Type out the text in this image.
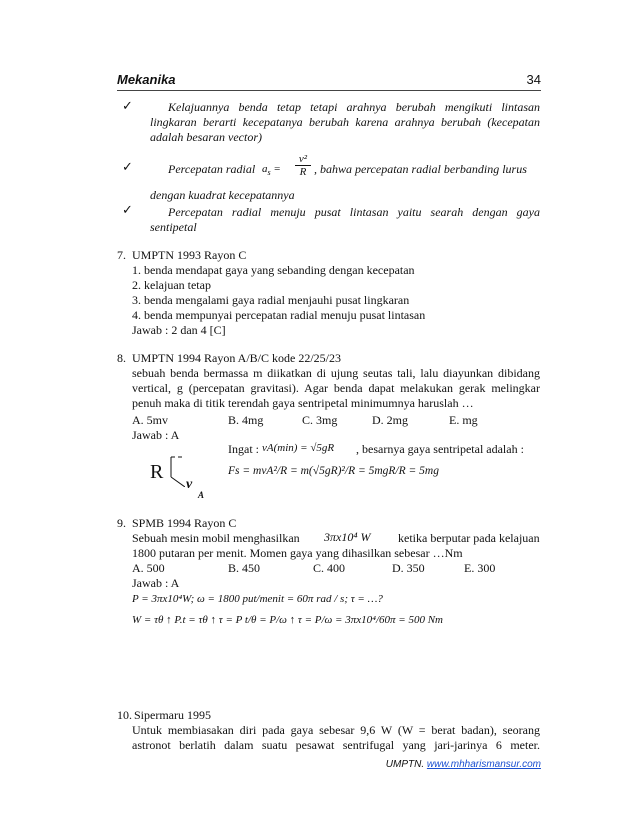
Mekanika	34
✓	Kelajuannya benda tetap tetapi arahnya berubah mengikuti lintasan
lingkaran berarti kecepatanya berubah karena arahnya berubah (kecepatan
adalah besaran vector)
✓	Percepatan radial $a_s = \frac{\text{v²}}{R}$ , bahwa percepatan radial berbanding lurus
dengan kuadrat kecepatannya
✓	Percepatan radial menuju pusat lintasan yaitu searah dengan gaya
sentipetal
7. UMPTN 1993 Rayon C
1. benda mendapat gaya yang sebanding dengan kecepatan
2. kelajuan tetap
3. benda mengalami gaya radial menjauhi pusat lingkaran
4. benda mempunyai percepatan radial menuju pusat lintasan
Jawab : 2 dan 4 [C]
8. UMPTN 1994 Rayon A/B/C kode 22/25/23
sebuah benda bermassa m diikatkan di ujung seutas tali, lalu diayunkan dibidang
vertical, g (percepatan gravitasi). Agar benda dapat melakukan gerak melingkar
penuh maka di titik terendah gaya sentripetal minimumnya haruslah …
A. 5mv	B. 4mg	C. 3mg	D. 2mg	E. mg
Jawab : A
Ingat : vA(min) = √5gR , besarnya gaya sentripetal adalah :
Fs = mvA²/R = m(√5gR)²/R = 5mgR/R = 5mg
R
v
A
9. SPMB 1994 Rayon C
Sebuah mesin mobil menghasilkan 3πx10⁴ W ketika berputar pada kelajuan
1800 putaran per menit. Momen gaya yang dihasilkan sebesar …Nm
A. 500	B. 450	C. 400	D. 350	E. 300
Jawab : A
P = 3πx10⁴W; ω = 1800 put/menit = 60π rad / s; τ = …?
W = τθ ↑ P.t = τθ ↑ τ = P t/θ = P/ω ↑ τ = P/ω = 3πx10⁴/60π = 500 Nm
10. Sipermaru 1995
Untuk membiasakan diri pada gaya sebesar 9,6 W (W = berat badan), seorang
astronot berlatih dalam suatu pesawat sentrifugal yang jari-jarinya 6 meter.
UMPTN. www.mhharismansur.com
